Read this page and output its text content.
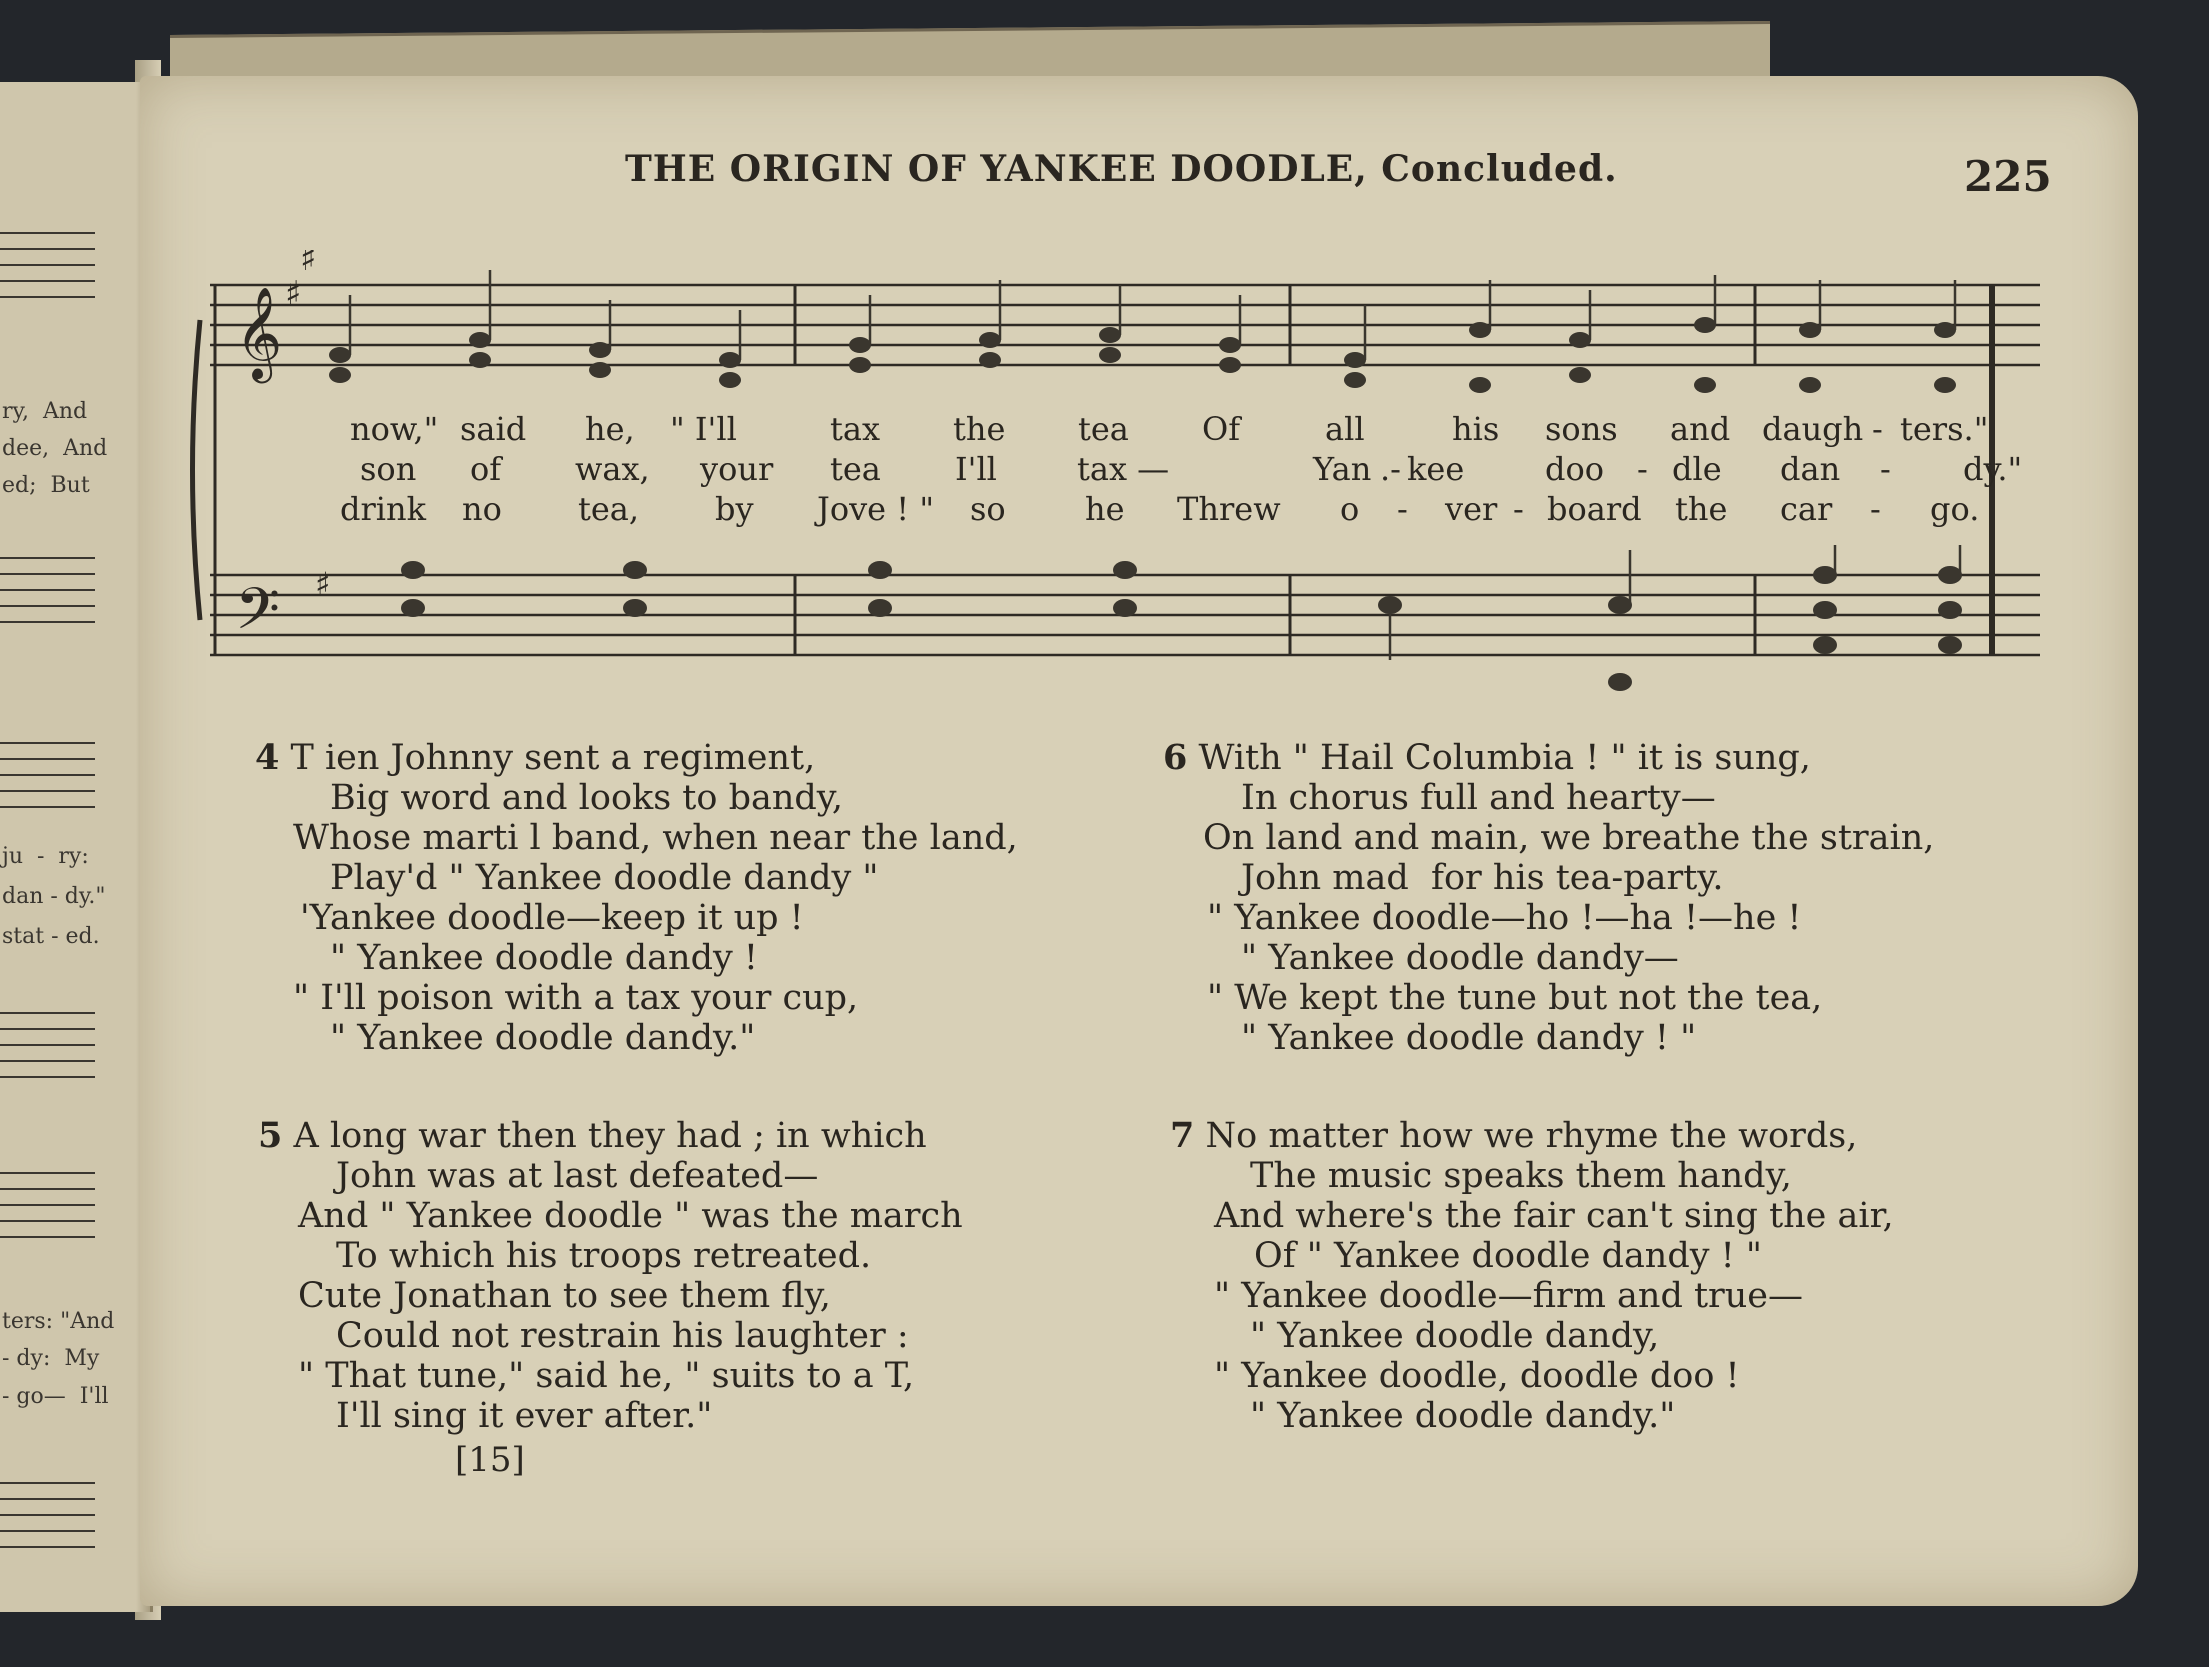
ry,  And
dee,  And
ed;  But
ju  -  ry:
dan - dy."
stat - ed.
ters: "And
- dy:  My
- go—  I'll
THE ORIGIN OF YANKEE DOODLE, Concluded.	225
𝄞
𝄢
♯
♯
♯
now," said he, " I'll	tax the tea Of	all	his sons and daugh - ters."
son of wax, your tea I'll	tax —	Yan .- kee	doo - dle dan - dy."
drink no tea, by Jove ! " so he Threw o - ver - board the car - go.
4 T ien Johnny sent a regiment,
Big word and looks to bandy,
Whose marti l band, when near the land,
Play'd " Yankee doodle dandy "
'Yankee doodle—keep it up !
" Yankee doodle dandy !
" I'll poison with a tax your cup,
" Yankee doodle dandy."
5 A long war then they had ; in which
John was at last defeated—
And " Yankee doodle " was the march
To which his troops retreated.
Cute Jonathan to see them fly,
Could not restrain his laughter :
" That tune," said he, " suits to a T,
I'll sing it ever after."
6 With " Hail Columbia ! " it is sung,
In chorus full and hearty—
On land and main, we breathe the strain,
John mad  for his tea-party.
" Yankee doodle—ho !—ha !—he !
" Yankee doodle dandy—
" We kept the tune but not the tea,
" Yankee doodle dandy ! "
7 No matter how we rhyme the words,
The music speaks them handy,
And where's the fair can't sing the air,
Of " Yankee doodle dandy ! "
" Yankee doodle—firm and true—
" Yankee doodle dandy,
" Yankee doodle, doodle doo !
" Yankee doodle dandy."
[15]
